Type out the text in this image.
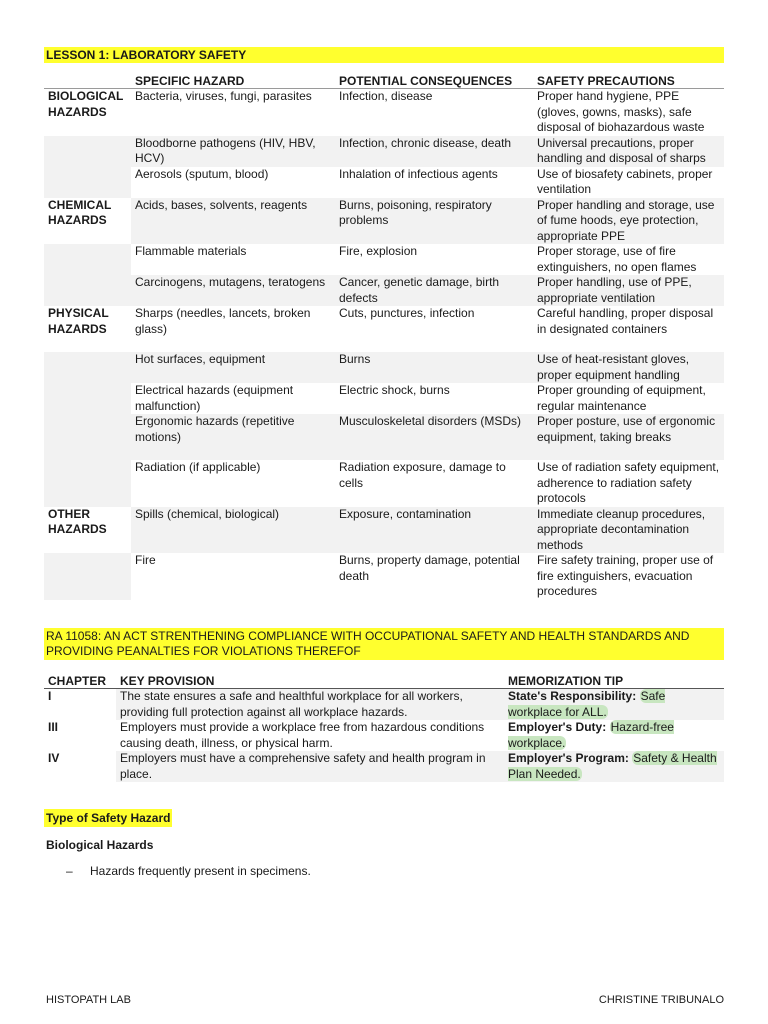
LESSON 1: LABORATORY SAFETY
	SPECIFIC HAZARD	POTENTIAL CONSEQUENCES	SAFETY PRECAUTIONS
BIOLOGICAL HAZARDS	Bacteria, viruses, fungi, parasites	Infection, disease	Proper hand hygiene, PPE (gloves, gowns, masks), safe disposal of biohazardous waste
	Bloodborne pathogens (HIV, HBV, HCV)	Infection, chronic disease, death	Universal precautions, proper handling and disposal of sharps
	Aerosols (sputum, blood)	Inhalation of infectious agents	Use of biosafety cabinets, proper ventilation
CHEMICAL HAZARDS	Acids, bases, solvents, reagents	Burns, poisoning, respiratory problems	Proper handling and storage, use of fume hoods, eye protection, appropriate PPE
	Flammable materials	Fire, explosion	Proper storage, use of fire extinguishers, no open flames
	Carcinogens, mutagens, teratogens	Cancer, genetic damage, birth defects	Proper handling, use of PPE, appropriate ventilation
PHYSICAL HAZARDS	Sharps (needles, lancets, broken glass)	Cuts, punctures, infection	Careful handling, proper disposal in designated containers
	Hot surfaces, equipment	Burns	Use of heat-resistant gloves, proper equipment handling
	Electrical hazards (equipment malfunction)	Electric shock, burns	Proper grounding of equipment, regular maintenance
	Ergonomic hazards (repetitive motions)	Musculoskeletal disorders (MSDs)	Proper posture, use of ergonomic equipment, taking breaks
	Radiation (if applicable)	Radiation exposure, damage to cells	Use of radiation safety equipment, adherence to radiation safety protocols
OTHER HAZARDS	Spills (chemical, biological)	Exposure, contamination	Immediate cleanup procedures, appropriate decontamination methods
	Fire	Burns, property damage, potential death	Fire safety training, proper use of fire extinguishers, evacuation procedures
RA 11058: AN ACT STRENTHENING COMPLIANCE WITH OCCUPATIONAL SAFETY AND HEALTH STANDARDS AND PROVIDING PEANALTIES FOR VIOLATIONS THEREFOF
CHAPTER	KEY PROVISION	MEMORIZATION TIP
I	The state ensures a safe and healthful workplace for all workers, providing full protection against all workplace hazards.	State's Responsibility: Safe workplace for ALL.
III	Employers must provide a workplace free from hazardous conditions causing death, illness, or physical harm.	Employer's Duty: Hazard-free workplace.
IV	Employers must have a comprehensive safety and health program in place.	Employer's Program: Safety & Health Plan Needed.
Type of Safety Hazard
Biological Hazards
– Hazards frequently present in specimens.
HISTOPATH LAB	CHRISTINE TRIBUNALO
